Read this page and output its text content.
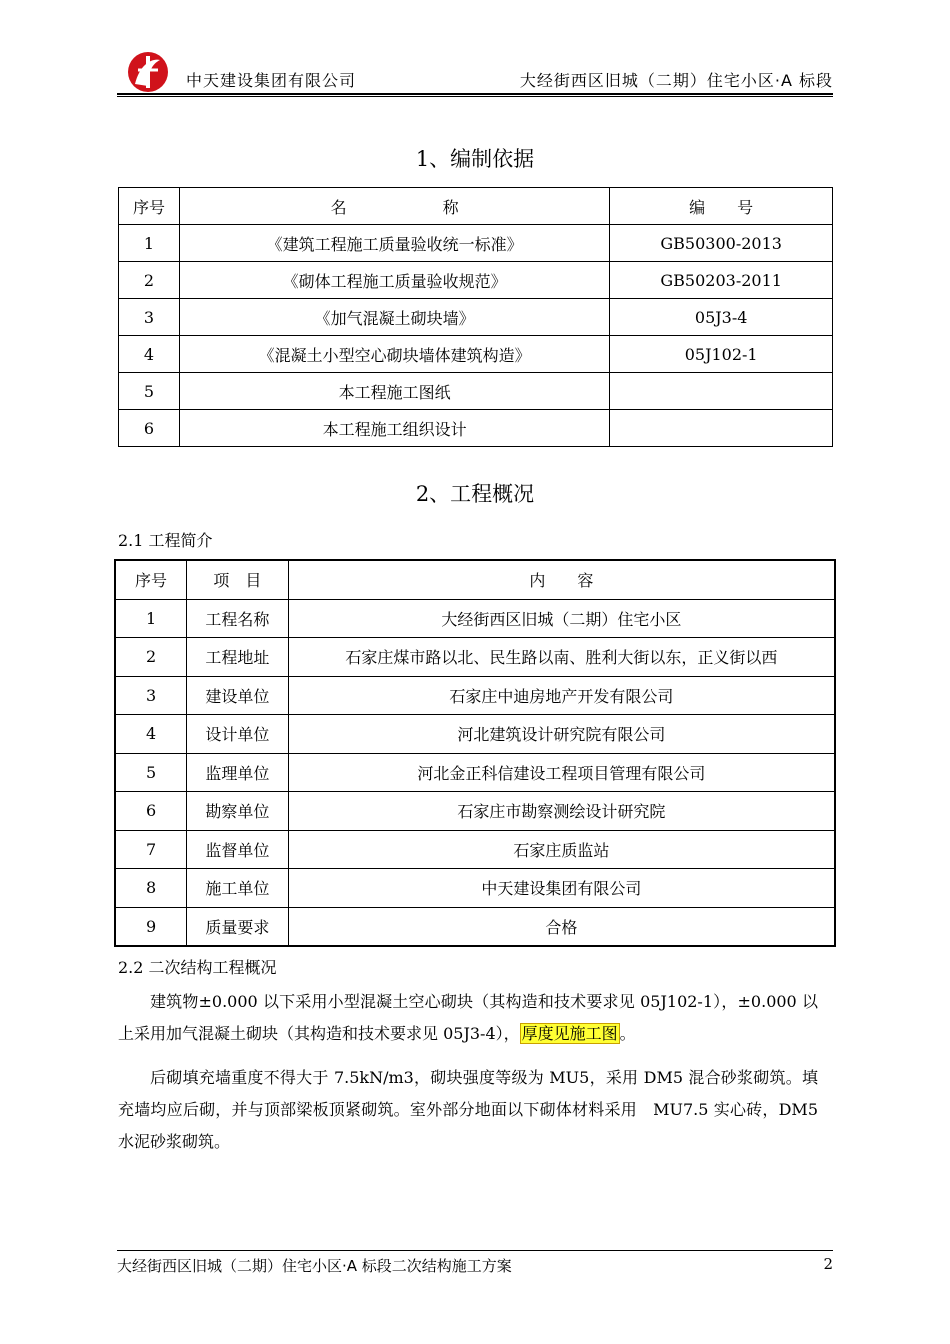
中天建设集团有限公司	大经街西区旧城（二期）住宅小区·A 标段
1、编制依据
序号	名　　　　　　称	编　　号
1	《建筑工程施工质量验收统一标准》	GB50300-2013
2	《砌体工程施工质量验收规范》	GB50203-2011
3	《加气混凝土砌块墙》	05J3-4
4	《混凝土小型空心砌块墙体建筑构造》	05J102-1
5	本工程施工图纸	
6	本工程施工组织设计	
2、工程概况
2.1 工程简介
序号	项　目	内　　容
1	工程名称	大经街西区旧城（二期）住宅小区
2	工程地址	石家庄煤市路以北、民生路以南、胜利大街以东，正义街以西
3	建设单位	石家庄中迪房地产开发有限公司
4	设计单位	河北建筑设计研究院有限公司
5	监理单位	河北金正科信建设工程项目管理有限公司
6	勘察单位	石家庄市勘察测绘设计研究院
7	监督单位	石家庄质监站
8	施工单位	中天建设集团有限公司
9	质量要求	合格
2.2 二次结构工程概况
建筑物±0.000 以下采用小型混凝土空心砌块（其构造和技术要求见 05J102-1），±0.000 以上采用加气混凝土砌块（其构造和技术要求见 05J3-4）， 厚度见施工图 。
后砌填充墙重度不得大于 7.5kN/m3，砌块强度等级为 MU5，采用 DM5 混合砂浆砌筑。填充墙均应后砌，并与顶部梁板顶紧砌筑。室外部分地面以下砌体材料采用　MU7.5 实心砖，DM5 水泥砂浆砌筑。
大经街西区旧城（二期）住宅小区·A 标段二次结构施工方案	2
